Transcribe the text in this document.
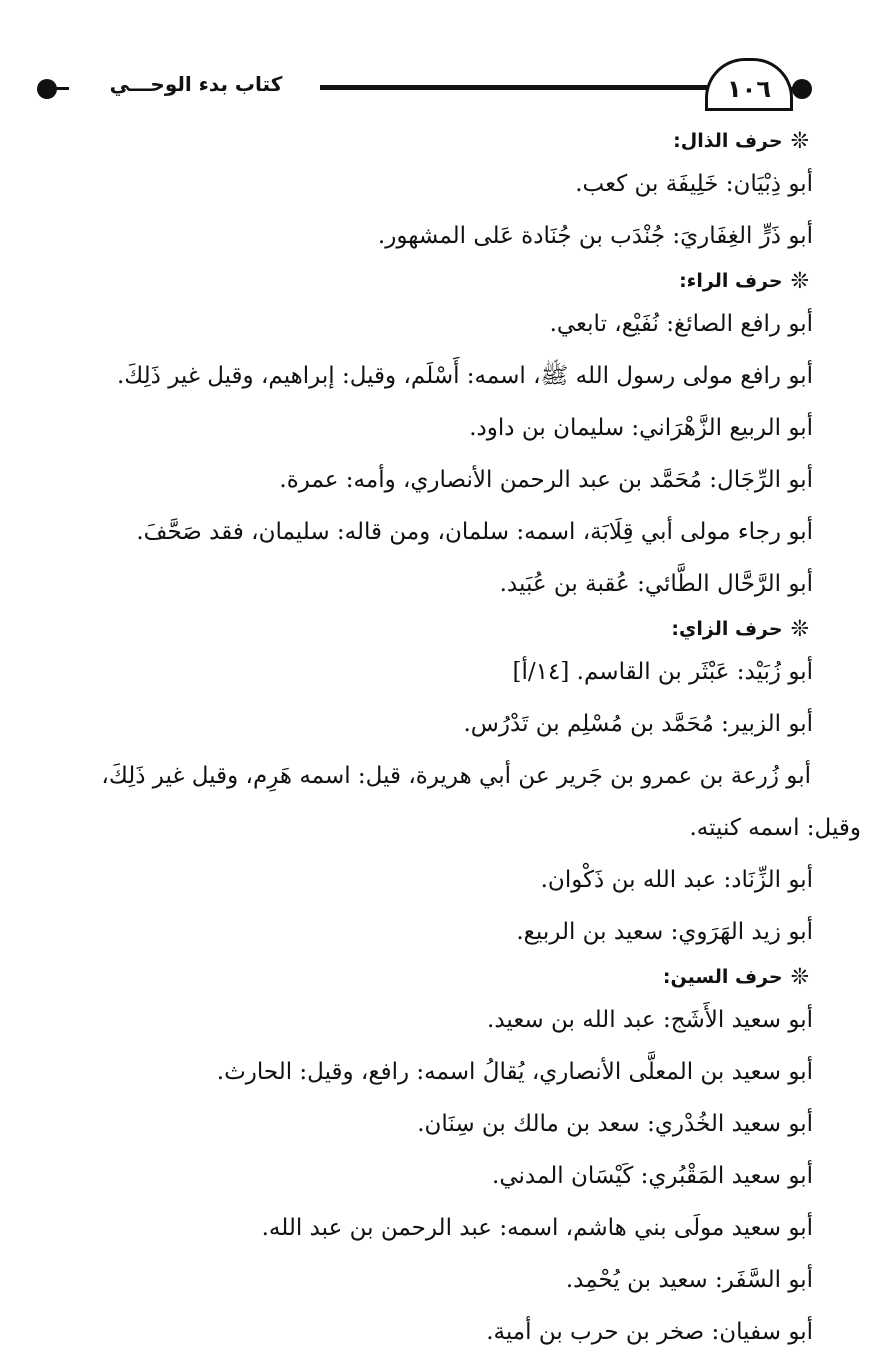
كتاب بدء الوحـــي	١٠٦
❊
حرف الذال:
أبو ذِبْيَان: خَلِيفَة بن كعب.
أبو ذَرٍّ الغِفَاريَ: جُنْدَب بن جُنَادة عَلى المشهور.
❊
حرف الراء:
أبو رافع الصائغ: نُفَيْع، تابعي.
أبو رافع مولى رسول الله ﷺ، اسمه: أَسْلَم، وقيل: إبراهيم، وقيل غير ذَلِكَ.
أبو الربيع الزَّهْرَاني: سليمان بن داود.
أبو الرِّجَال: مُحَمَّد بن عبد الرحمن الأنصاري، وأمه: عمرة.
أبو رجاء مولى أبي قِلَابَة، اسمه: سلمان، ومن قاله: سليمان، فقد صَحَّفَ.
أبو الرَّحَّال الطَّائي: عُقبة بن عُبَيد.
❊
حرف الزاي:
أبو زُبَيْد: عَبْثَر بن القاسم. [١٤/أ]
أبو الزبير: مُحَمَّد بن مُسْلِم بن تَدْرُس.
أبو زُرعة بن عمرو بن جَرير عن أبي هريرة، قيل: اسمه هَرِم، وقيل غير ذَلِكَ،
وقيل: اسمه كنيته.
أبو الزِّنَاد: عبد الله بن ذَكْوان.
أبو زيد الهَرَوي: سعيد بن الربيع.
❊
حرف السين:
أبو سعيد الأَشَج: عبد الله بن سعيد.
أبو سعيد بن المعلَّى الأنصاري، يُقالُ اسمه: رافع، وقيل: الحارث.
أبو سعيد الخُدْري: سعد بن مالك بن سِنَان.
أبو سعيد المَقْبُري: كَيْسَان المدني.
أبو سعيد مولَى بني هاشم، اسمه: عبد الرحمن بن عبد الله.
أبو السَّفَر: سعيد بن يُحْمِد.
أبو سفيان: صخر بن حرب بن أمية.
